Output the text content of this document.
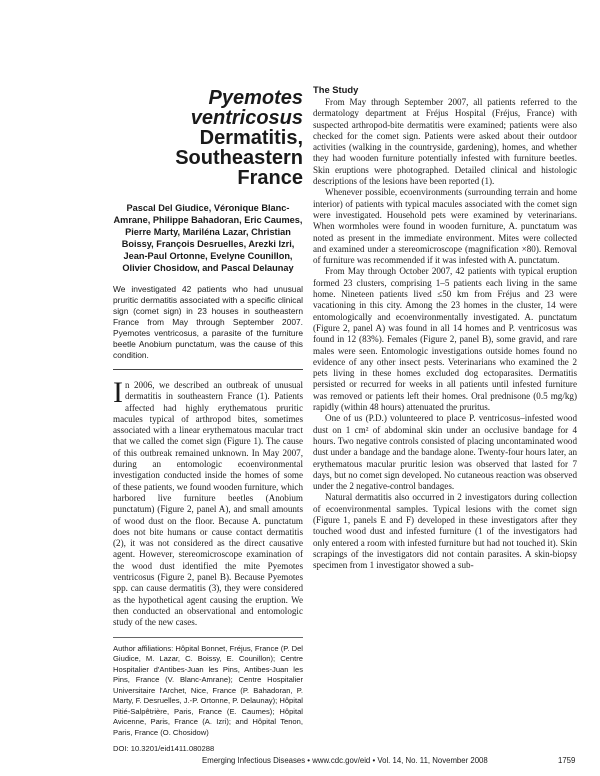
Pyemotes
ventricosus
Dermatitis,
Southeastern
France

Pascal Del Giudice, Véronique Blanc-Amrane, Philippe Bahadoran, Eric Caumes, Pierre Marty, Mariléna Lazar, Christian Boissy, François Desruelles, Arezki Izri, Jean-Paul Ortonne, Evelyne Counillon, Olivier Chosidow, and Pascal Delaunay

We investigated 42 patients who had unusual pruritic dermatitis associated with a specific clinical sign (comet sign) in 23 houses in southeastern France from May through September 2007. Pyemotes ventricosus, a parasite of the furniture beetle Anobium punctatum, was the cause of this condition.

In 2006, we described an outbreak of unusual dermatitis in southeastern France (1). Patients affected had highly erythematous pruritic macules typical of arthropod bites, sometimes associated with a linear erythematous macular tract that we called the comet sign (Figure 1). The cause of this outbreak remained unknown. In May 2007, during an entomologic ecoenvironmental investigation conducted inside the homes of some of these patients, we found wooden furniture, which harbored live furniture beetles (Anobium punctatum) (Figure 2, panel A), and small amounts of wood dust on the floor. Because A. punctatum does not bite humans or cause contact dermatitis (2), it was not considered as the direct causative agent. However, stereomicroscope examination of the wood dust identified the mite Pyemotes ventricosus (Figure 2, panel B). Because Pyemotes spp. can cause dermatitis (3), they were considered as the hypothetical agent causing the eruption. We then conducted an observational and entomologic study of the new cases.

Author affiliations: Hôpital Bonnet, Fréjus, France (P. Del Giudice, M. Lazar, C. Boissy, E. Counillon); Centre Hospitalier d'Antibes-Juan les Pins, Antibes-Juan les Pins, France (V. Blanc-Amrane); Centre Hospitalier Universitaire l'Archet, Nice, France (P. Bahadoran, P. Marty, F. Desruelles, J.-P. Ortonne, P. Delaunay); Hôpital Pitié-Salpêtrière, Paris, France (E. Caumes); Hôpital Avicenne, Paris, France (A. Izri); and Hôpital Tenon, Paris, France (O. Chosidow)

DOI: 10.3201/eid1411.080288

The Study

From May through September 2007, all patients referred to the dermatology department at Fréjus Hospital (Fréjus, France) with suspected arthropod-bite dermatitis were examined; patients were also checked for the comet sign. Patients were asked about their outdoor activities (walking in the countryside, gardening), homes, and whether they had wooden furniture potentially infested with furniture beetles. Skin eruptions were photographed. Detailed clinical and histologic descriptions of the lesions have been reported (1).

Whenever possible, ecoenvironments (surrounding terrain and home interior) of patients with typical macules associated with the comet sign were investigated. Household pets were examined by veterinarians. When wormholes were found in wooden furniture, A. punctatum was noted as present in the immediate environment. Mites were collected and examined under a stereomicroscope (magnification ×80). Removal of furniture was recommended if it was infested with A. punctatum.

From May through October 2007, 42 patients with typical eruption formed 23 clusters, comprising 1–5 patients each living in the same home. Nineteen patients lived ≤50 km from Fréjus and 23 were vacationing in this city. Among the 23 homes in the cluster, 14 were entomologically and ecoenvironmentally investigated. A. punctatum (Figure 2, panel A) was found in all 14 homes and P. ventricosus was found in 12 (83%). Females (Figure 2, panel B), some gravid, and rare males were seen. Entomologic investigations outside homes found no evidence of any other insect pests. Veterinarians who examined the 2 pets living in these homes excluded dog ectoparasites. Dermatitis persisted or recurred for weeks in all patients until infested furniture was removed or patients left their homes. Oral prednisone (0.5 mg/kg) rapidly (within 48 hours) attenuated the pruritus.

One of us (P.D.) volunteered to place P. ventricosus–infested wood dust on 1 cm² of abdominal skin under an occlusive bandage for 4 hours. Two negative controls consisted of placing uncontaminated wood dust under a bandage and the bandage alone. Twenty-four hours later, an erythematous macular pruritic lesion was observed that lasted for 7 days, but no comet sign developed. No cutaneous reaction was observed under the 2 negative-control bandages.

Natural dermatitis also occurred in 2 investigators during collection of ecoenvironmental samples. Typical lesions with the comet sign (Figure 1, panels E and F) developed in these investigators after they touched wood dust and infested furniture (1 of the investigators had only entered a room with infested furniture but had not touched it). Skin scrapings of the investigators did not contain parasites. A skin-biopsy specimen from 1 investigator showed a sub-

Emerging Infectious Diseases • www.cdc.gov/eid • Vol. 14, No. 11, November 2008	1759
